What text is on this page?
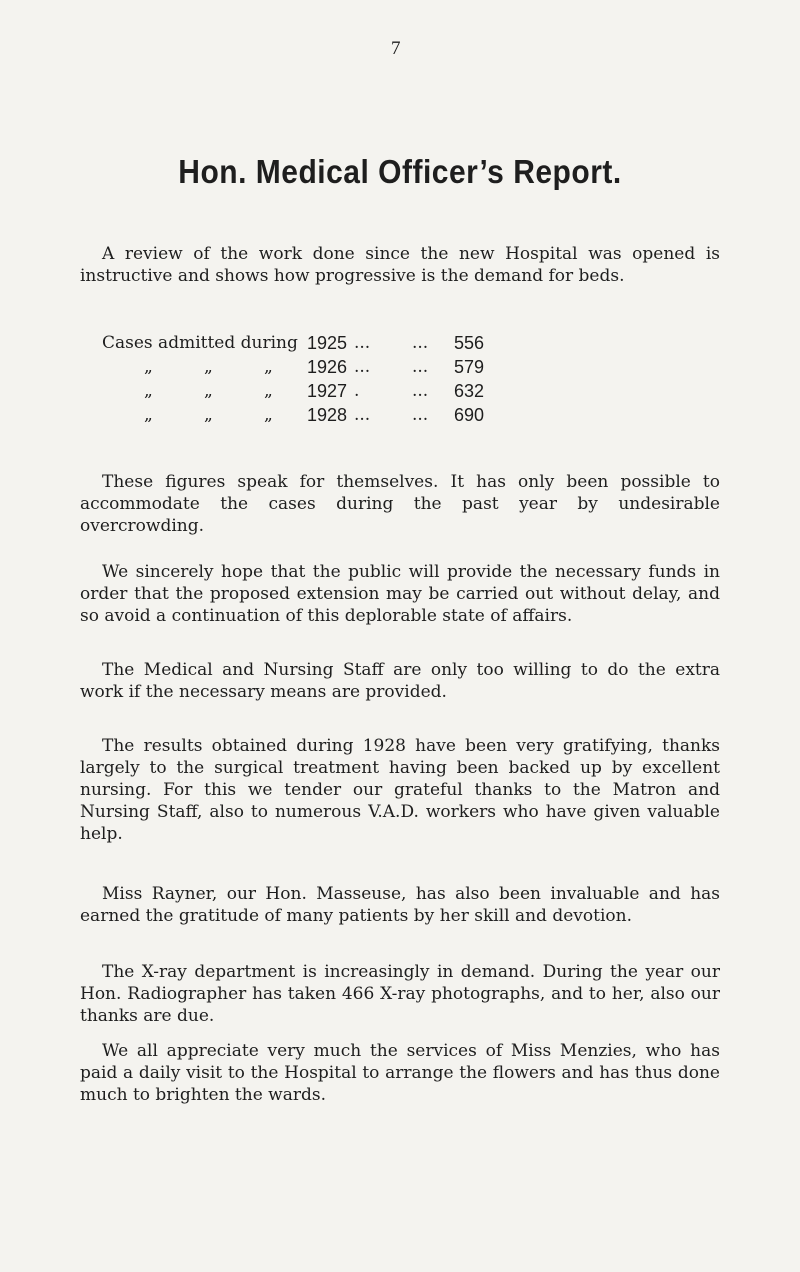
7
Hon. Medical Officer’s Report.

A review of the work done since the new Hospital was opened is instructive and shows how progressive is the demand for beds.

Cases admitted during 1925 ... ... 556
„	„	„ 1926 ... ... 579
„	„	„ 1927 .	... 632
„	„	„ 1928 ... ... 690

These figures speak for themselves. It has only been possible to accommodate the cases during the past year by undesirable overcrowding.

We sincerely hope that the public will provide the necessary funds in order that the proposed extension may be carried out without delay, and so avoid a continuation of this deplorable state of affairs.

The Medical and Nursing Staff are only too willing to do the extra work if the necessary means are provided.

The results obtained during 1928 have been very gratifying, thanks largely to the surgical treatment having been backed up by excellent nursing. For this we tender our grateful thanks to the Matron and Nursing Staff, also to numerous V.A.D. workers who have given valuable help.

Miss Rayner, our Hon. Masseuse, has also been invaluable and has earned the gratitude of many patients by her skill and devotion.

The X-ray department is increasingly in demand. During the year our Hon. Radiographer has taken 466 X-ray photographs, and to her, also our thanks are due.

We all appreciate very much the services of Miss Menzies, who has paid a daily visit to the Hospital to arrange the flowers and has thus done much to brighten the wards.
